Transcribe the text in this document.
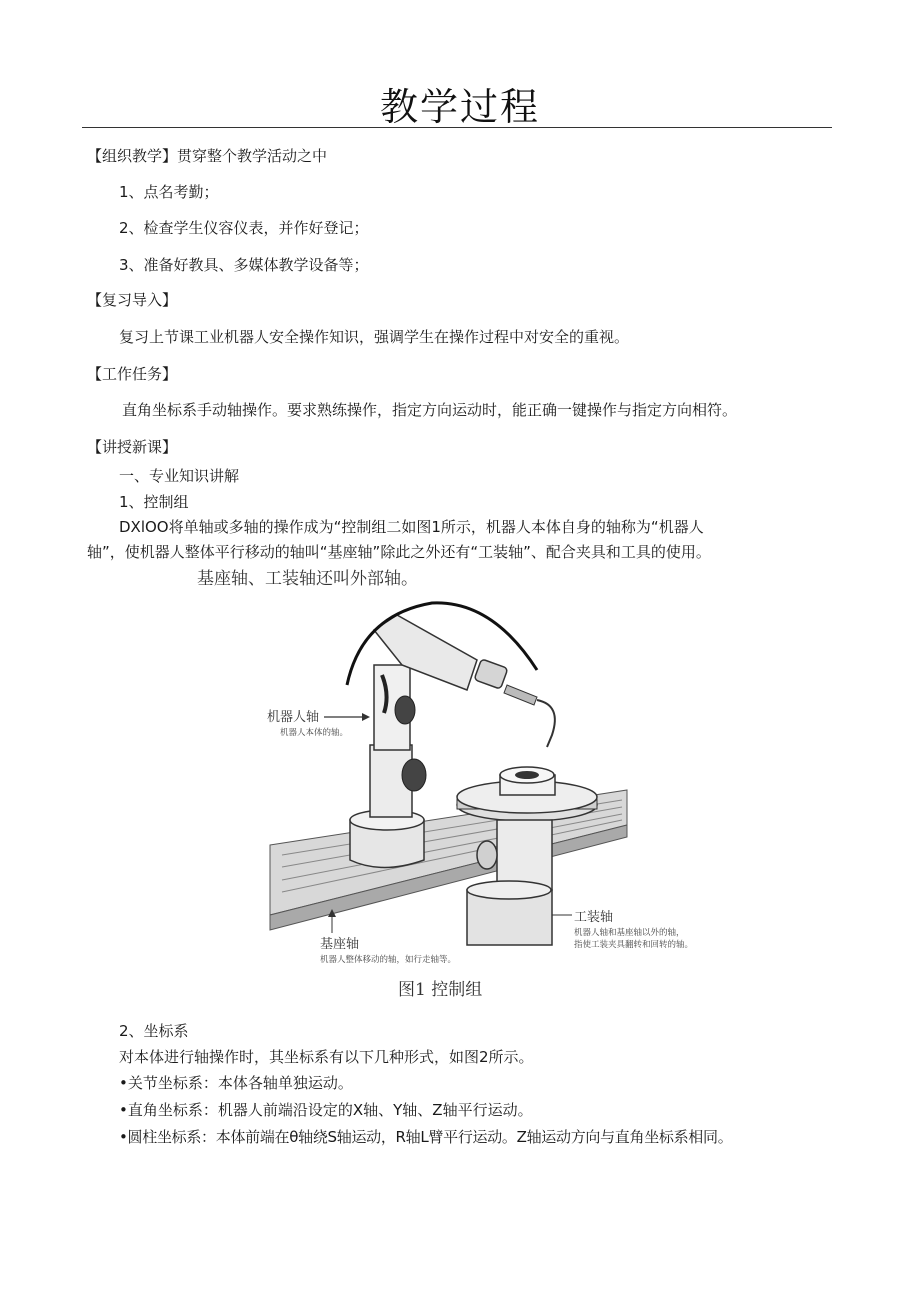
教学过程
【组织教学】贯穿整个教学活动之中
1、点名考勤；
2、检查学生仪容仪表，并作好登记；
3、准备好教具、多媒体教学设备等；
【复习导入】
复习上节课工业机器人安全操作知识，强调学生在操作过程中对安全的重视。
【工作任务】
直角坐标系手动轴操作。要求熟练操作，指定方向运动时，能正确一键操作与指定方向相符。
【讲授新课】
一、专业知识讲解
1、控制组
DXlOO将单轴或多轴的操作成为“控制组二如图1所示，机器人本体自身的轴称为“机器人
轴”，使机器人整体平行移动的轴叫“基座轴”除此之外还有“工装轴”、配合夹具和工具的使用。
基座轴、工装轴还叫外部轴。
机器人轴
机器人本体的轴。
基座轴
机器人整体移动的轴，如行走轴等。
工装轴
机器人轴和基座轴以外的轴，
指使工装夹具翻转和回转的轴。
图1 控制组
2、坐标系
对本体进行轴操作时，其坐标系有以下几种形式，如图2所示。
•关节坐标系：本体各轴单独运动。
•直角坐标系：机器人前端沿设定的X轴、Y轴、Z轴平行运动。
•圆柱坐标系：本体前端在θ轴绕S轴运动，R轴L臂平行运动。Z轴运动方向与直角坐标系相同。
